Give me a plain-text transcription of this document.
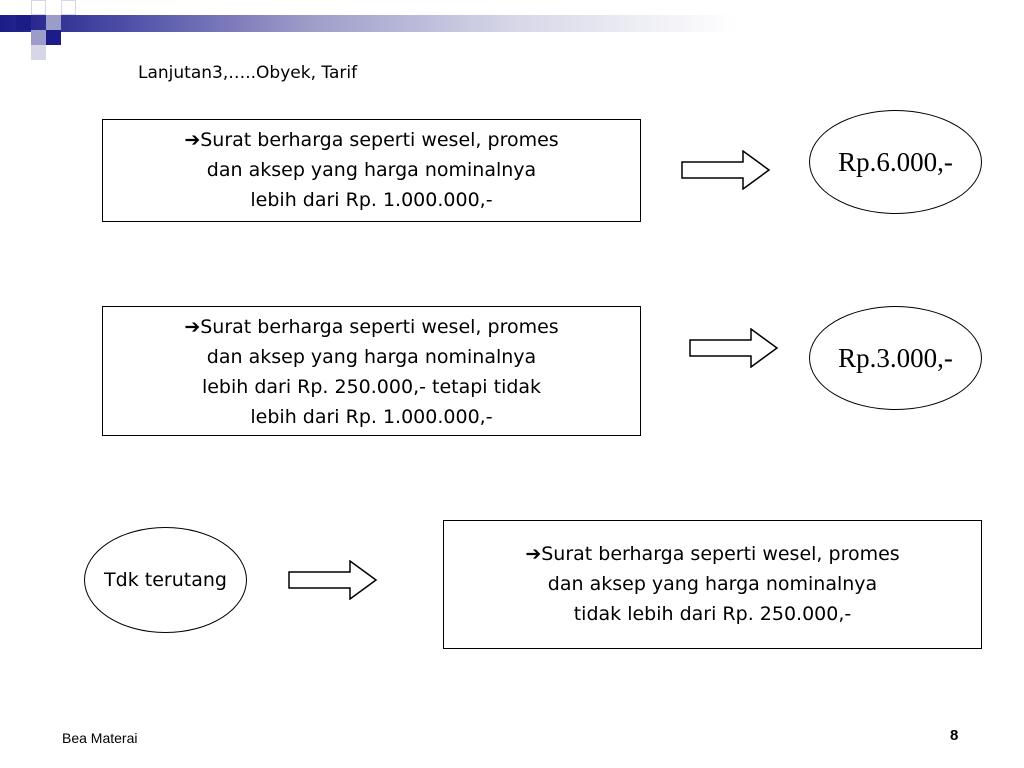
Lanjutan3,…..Obyek, Tarif
➔Surat berharga seperti wesel, promes
dan aksep yang harga nominalnya
lebih dari Rp. 1.000.000,-
Rp.6.000,-
➔Surat berharga seperti wesel, promes
dan aksep yang harga nominalnya
lebih dari Rp. 250.000,- tetapi tidak
lebih dari Rp. 1.000.000,-
Rp.3.000,-
Tdk terutang
➔Surat berharga seperti wesel, promes
dan aksep yang harga nominalnya
tidak lebih dari Rp. 250.000,-
Bea Materai	8
